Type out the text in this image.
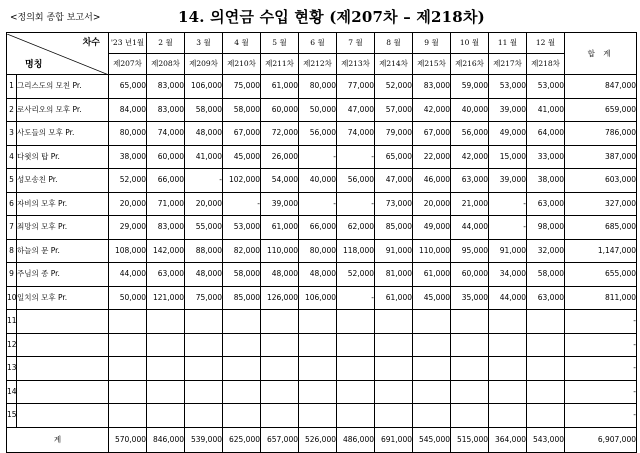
<정의회 종합 보고서>	14. 의연금 수입 현황 (제207차 – 제218차)
차수
명칭		'23 년1월	2 월	3 월	4 월	5 월	6 월	7 월	8 월	9 월	10 월	11 월	12 월	합 계
		제207차	제208차	제209차	제210차	제211차	제212차	제213차	제214차	제215차	제216차	제217차	제218차	
1	그리스도의 모친 Pr.	65,000	83,000	106,000	75,000	61,000	80,000	77,000	52,000	83,000	59,000	53,000	53,000	847,000
2	로사리오의 모후 Pr.	84,000	83,000	58,000	58,000	60,000	50,000	47,000	57,000	42,000	40,000	39,000	41,000	659,000
3	사도들의 모후 Pr.	80,000	74,000	48,000	67,000	72,000	56,000	74,000	79,000	67,000	56,000	49,000	64,000	786,000
4	다윗의 탑 Pr.	38,000	60,000	41,000	45,000	26,000	-	-	65,000	22,000	42,000	15,000	33,000	387,000
5	성모송친 Pr.	52,000	66,000	-	102,000	54,000	40,000	56,000	47,000	46,000	63,000	39,000	38,000	603,000
6	자비의 모후 Pr.	20,000	71,000	20,000	-	39,000	-	-	73,000	20,000	21,000	-	63,000	327,000
7	죄망의 모후 Pr.	29,000	83,000	55,000	53,000	61,000	66,000	62,000	85,000	49,000	44,000	-	98,000	685,000
8	하늘의 문 Pr.	108,000	142,000	88,000	82,000	110,000	80,000	118,000	91,000	110,000	95,000	91,000	32,000	1,147,000
9	주님의 종 Pr.	44,000	63,000	48,000	58,000	48,000	48,000	52,000	81,000	61,000	60,000	34,000	58,000	655,000
10	일치의 모후 Pr.	50,000	121,000	75,000	85,000	126,000	106,000	-	61,000	45,000	35,000	44,000	63,000	811,000
11														-
12														-
13														-
14														-
15														-
계		570,000	846,000	539,000	625,000	657,000	526,000	486,000	691,000	545,000	515,000	364,000	543,000	6,907,000
